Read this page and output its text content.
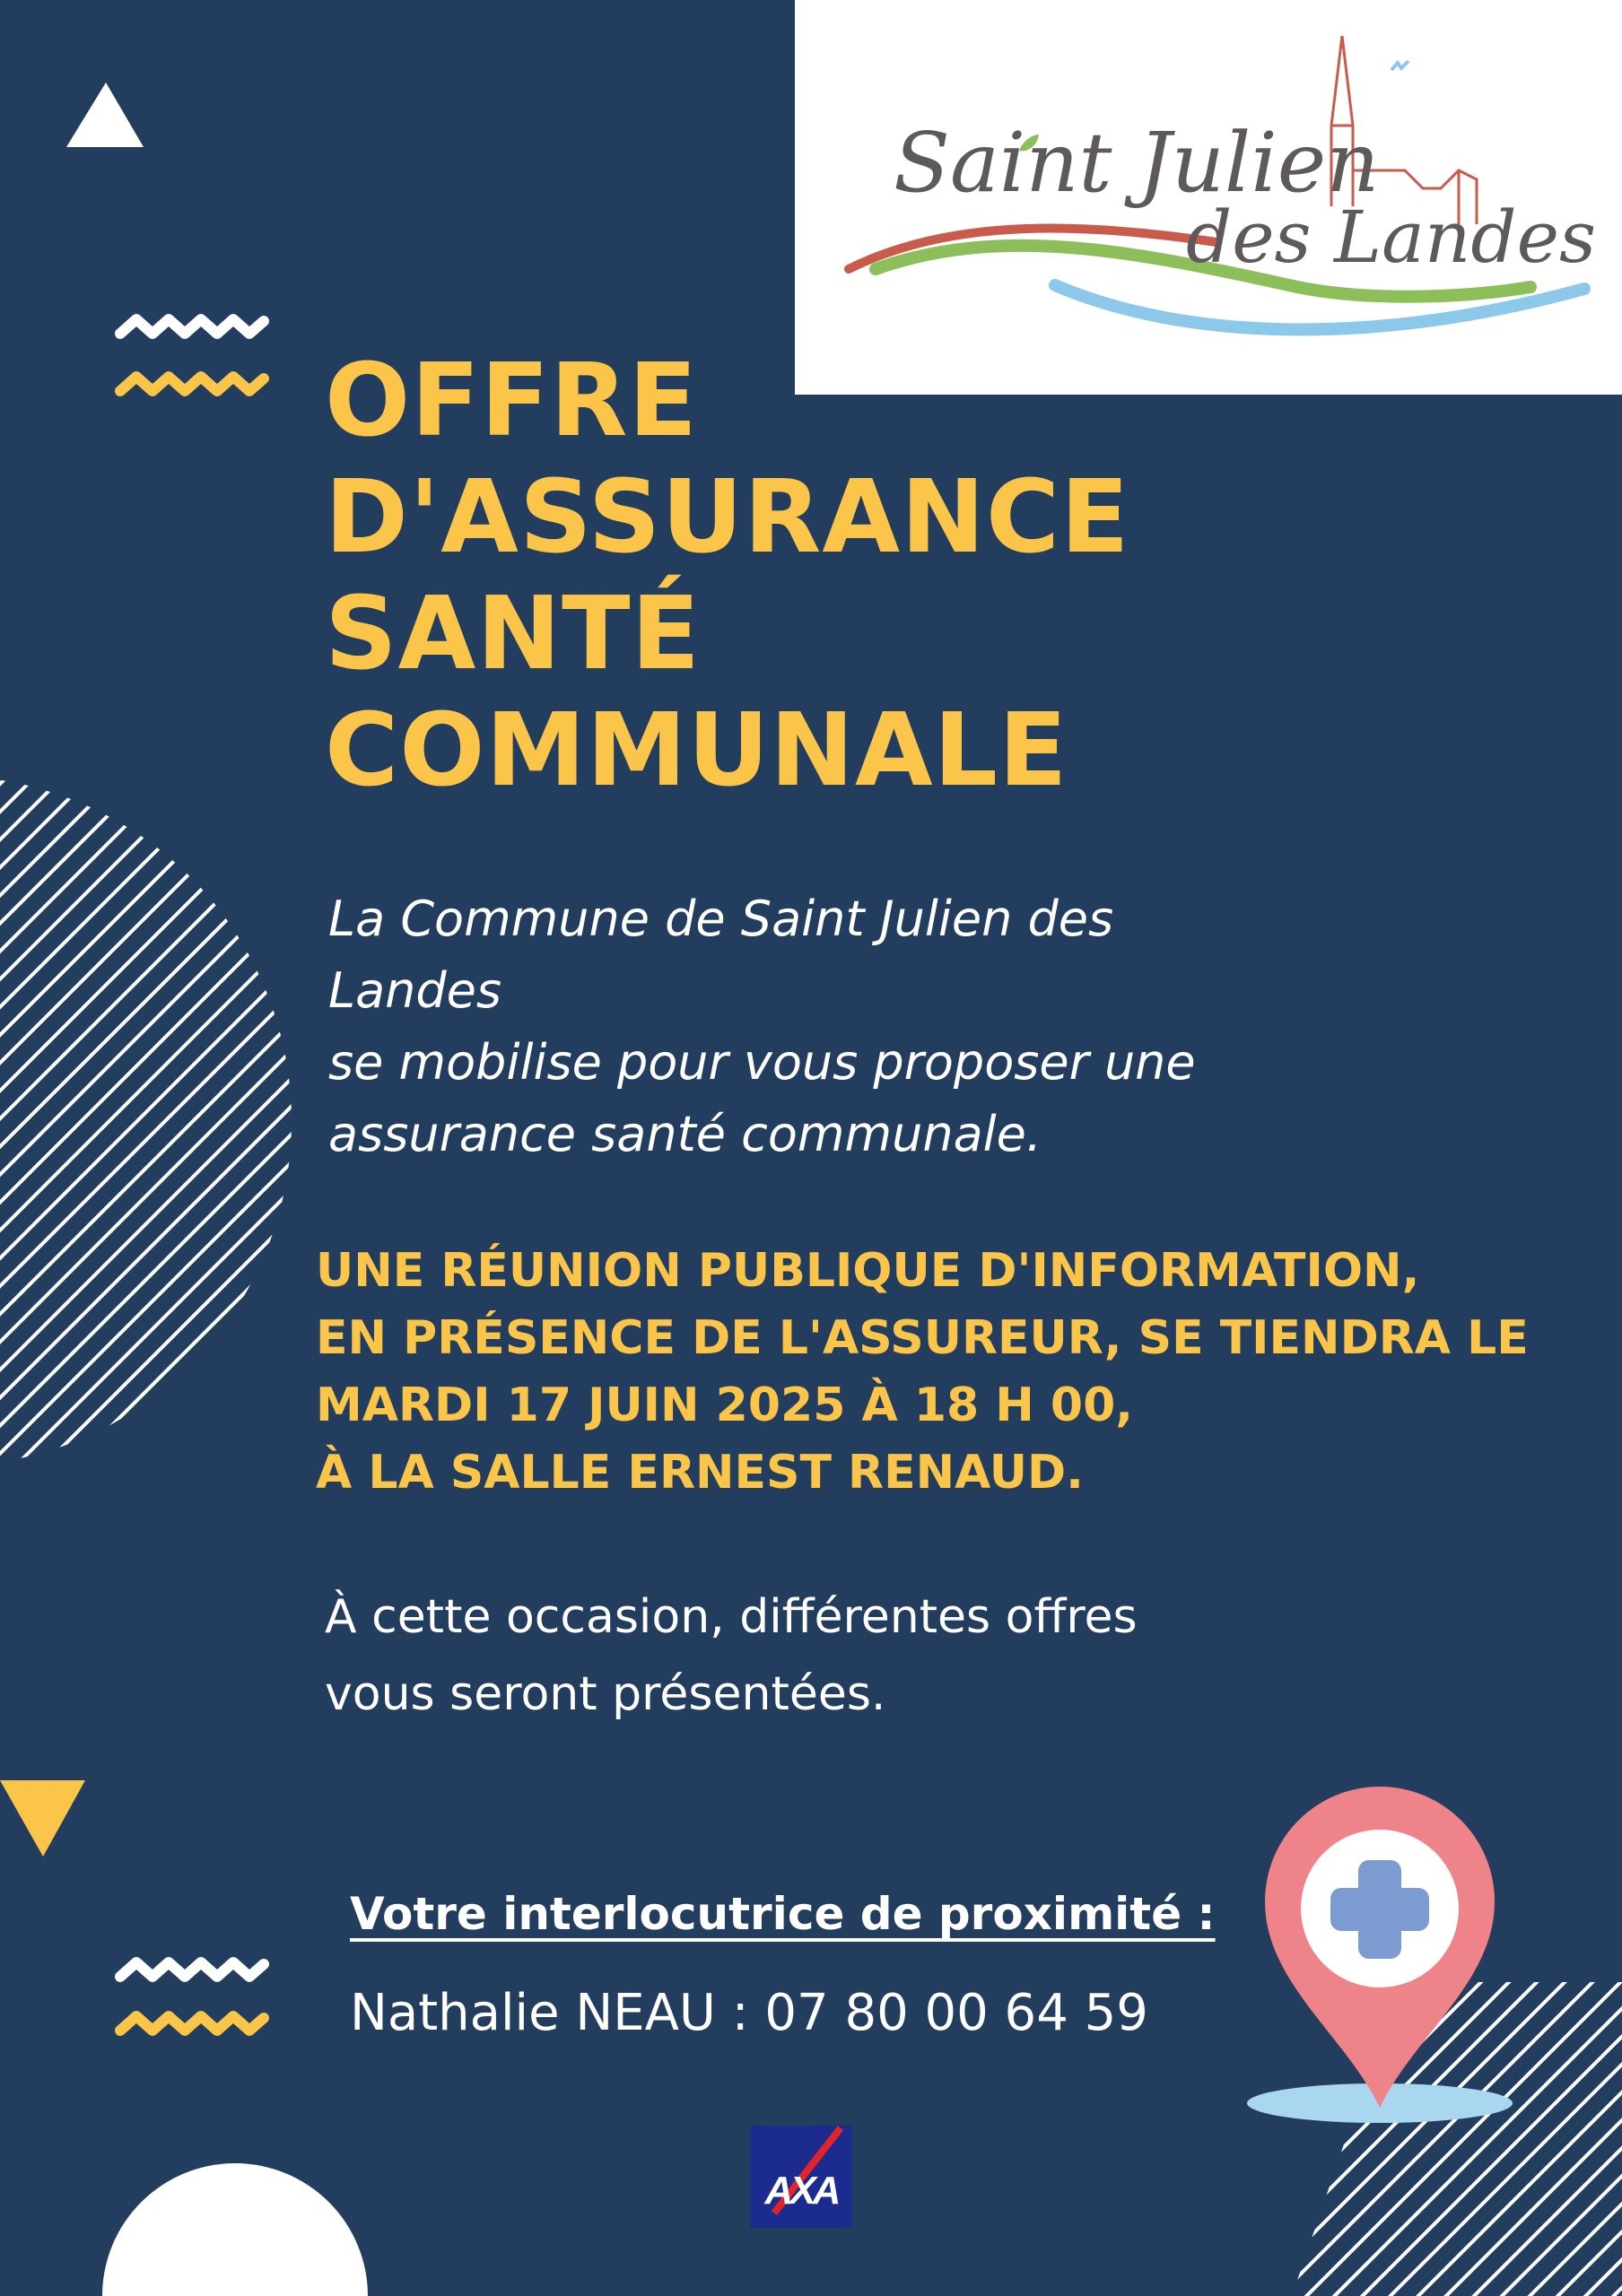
Saint Julien
des Landes
OFFRE
D'ASSURANCE
SANTÉ
COMMUNALE

La Commune de Saint Julien des
Landes
se mobilise pour vous proposer une
assurance santé communale.

UNE RÉUNION PUBLIQUE D'INFORMATION,
EN PRÉSENCE DE L'ASSUREUR, SE TIENDRA LE
MARDI 17 JUIN 2025 À 18 H 00,
À LA SALLE ERNEST RENAUD.

À cette occasion, différentes offres
vous seront présentées.

Votre interlocutrice de proximité :

Nathalie NEAU : 07 80 00 64 59

AXA
